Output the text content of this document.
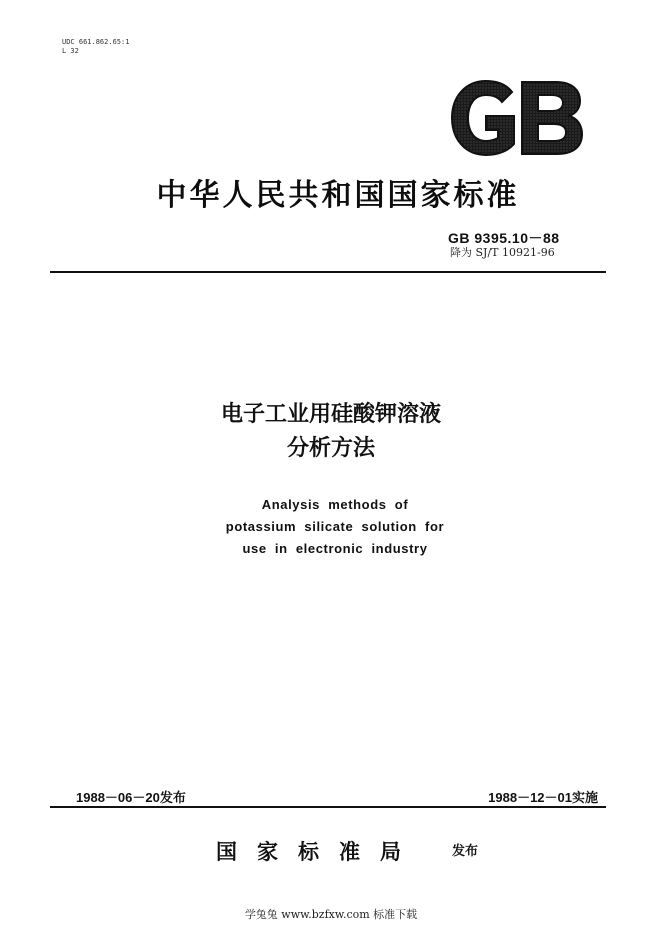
UDC 661.862.65:1
L 32
中华人民共和国国家标准
GB 9395.10－88
降为 SJ/T 10921-96
电子工业用硅酸钾溶液
分析方法
Analysis methods of
potassium silicate solution for
use in electronic industry
1988－06－20发布	1988－12－01实施
国家标准局 发布
学兔兔 www.bzfxw.com 标准下载
